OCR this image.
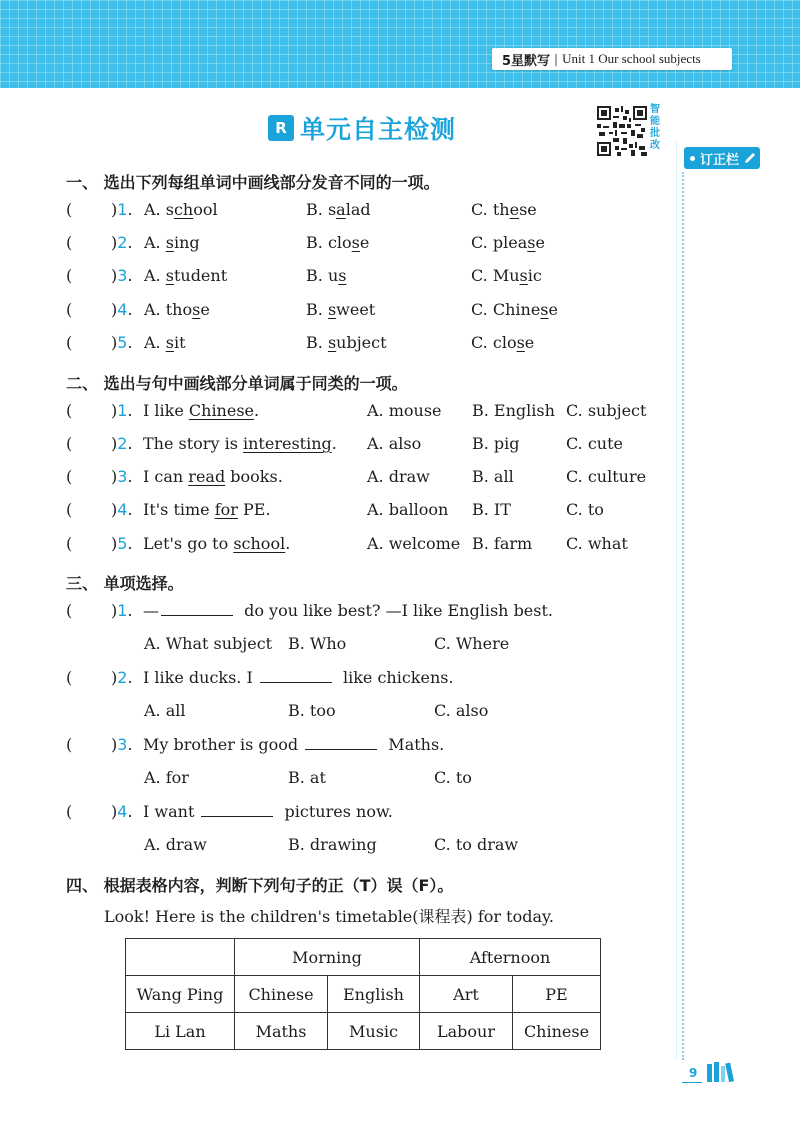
5星默写 | Unit 1 Our school subjects
R 单元自主检测
智能批改
订正栏
一、 选出下列每组单词中画线部分发音不同的一项。
( )1. A. school	B. salad	C. these
( )2. A. sing	B. close	C. please
( )3. A. student	B. us	C. Music
( )4. A. those	B. sweet	C. Chinese
( )5. A. sit	B. subject	C. close
二、 选出与句中画线部分单词属于同类的一项。
( )1. I like Chinese.	A. mouse B. English C. subject
( )2. The story is interesting. A. also	B. pig	C. cute
( )3. I can read books.	A. draw	B. all	C. culture
( )4. It's time for PE.	A. balloon B. IT	C. to
( )5. Let's go to school.	A. welcome B. farm C. what
三、 单项选择。
( )1. —	do you like best? —I like English best.
A. What subject B. Who	C. Where
( )2. I like ducks. I	like chickens.
A. all	B. too	C. also
( )3. My brother is good	Maths.
A. for	B. at	C. to
( )4. I want	pictures now.
A. draw	B. drawing	C. to draw
四、 根据表格内容，判断下列句子的正（T）误（F）。
Look! Here is the children's timetable(课程表) for today.
	Morning		Afternoon	
Wang Ping	Chinese	English	Art	PE
Li Lan	Maths	Music	Labour	Chinese
9
